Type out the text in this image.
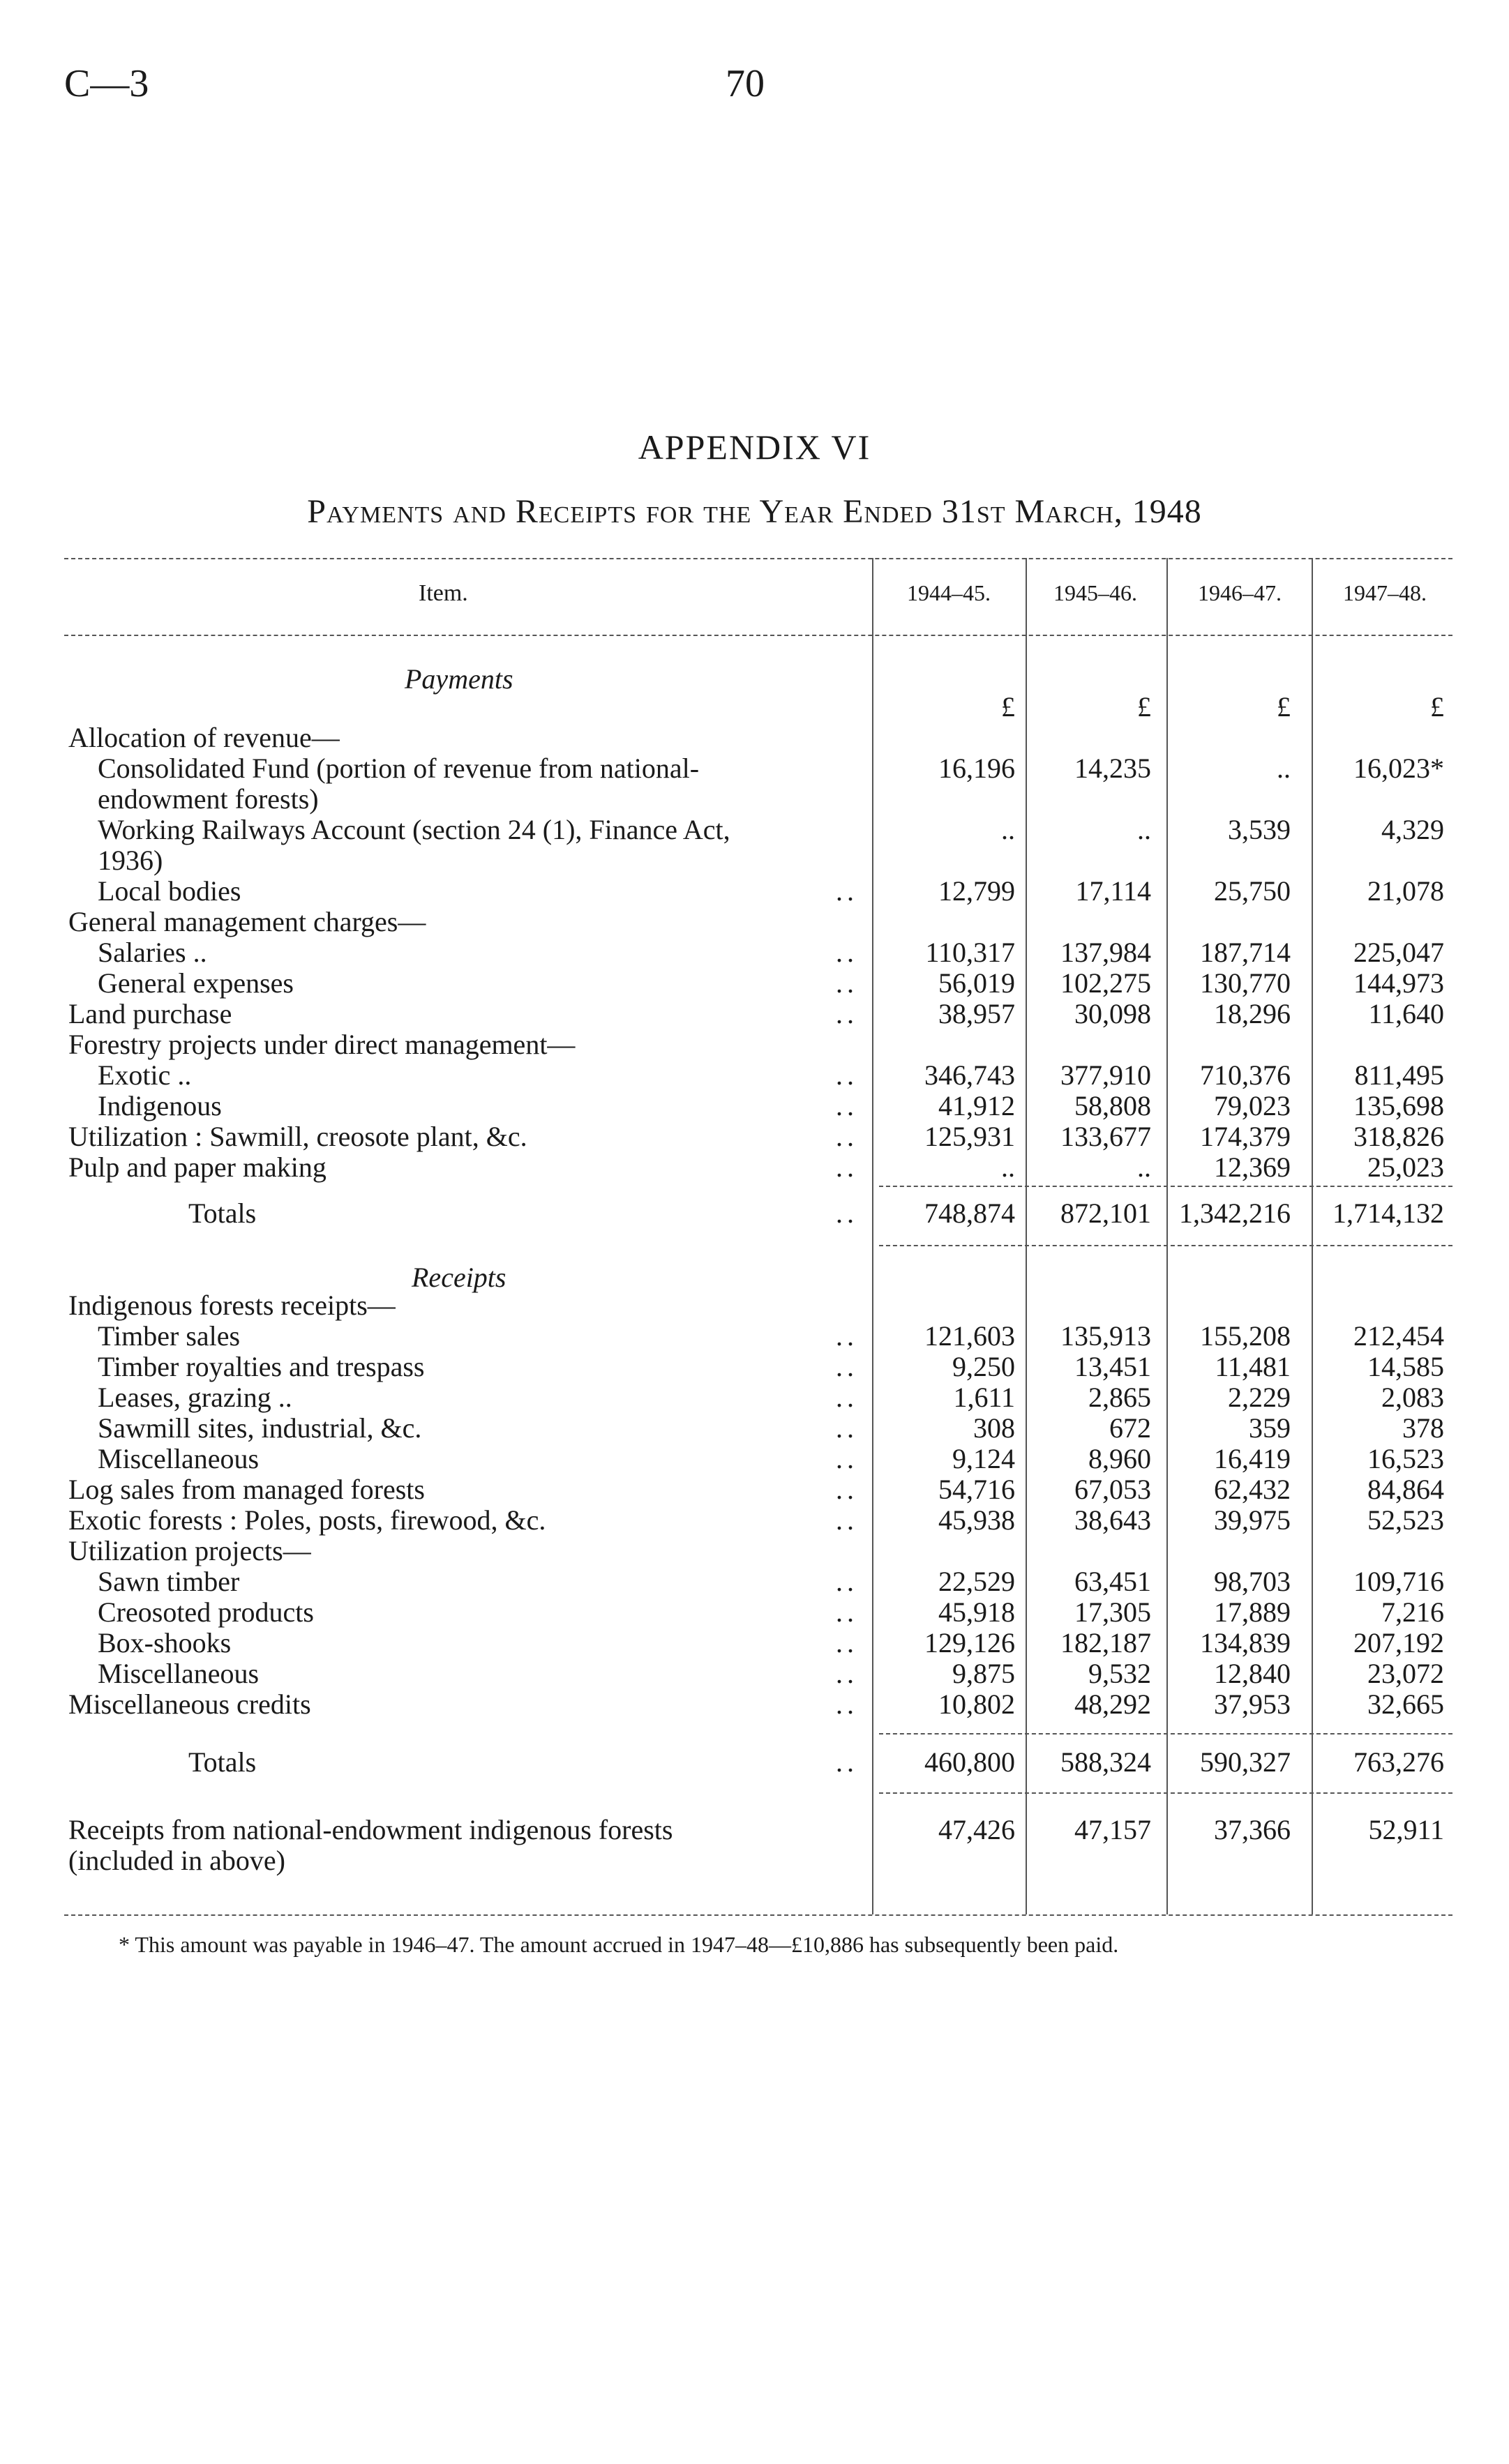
C—3	70
APPENDIX VI
Payments and Receipts for the Year Ended 31st March, 1948
Item.	1944–45.	1945–46.	1946–47.	1947–48.
Payments
£	£	£	£
Allocation of revenue—
Consolidated Fund (portion of revenue from national-	16,196	14,235	..	16,023*
endowment forests)
Working Railways Account (section 24 (1), Finance Act,	..	..	3,539	4,329
1936)
Local bodies	..	12,799	17,114	25,750	21,078
General management charges—
Salaries ..	..	110,317	137,984	187,714	225,047
General expenses	..	56,019	102,275	130,770	144,973
Land purchase	..	38,957	30,098	18,296	11,640
Forestry projects under direct management—
Exotic ..	..	346,743	377,910	710,376	811,495
Indigenous	..	41,912	58,808	79,023	135,698
Utilization : Sawmill, creosote plant, &c.	..	125,931	133,677	174,379	318,826
Pulp and paper making	..	..	..	12,369	25,023
Totals	..	748,874	872,101	1,342,216	1,714,132
Receipts
Indigenous forests receipts—
Timber sales	..	121,603	135,913	155,208	212,454
Timber royalties and trespass	..	9,250	13,451	11,481	14,585
Leases, grazing ..	..	1,611	2,865	2,229	2,083
Sawmill sites, industrial, &c.	..	308	672	359	378
Miscellaneous	..	9,124	8,960	16,419	16,523
Log sales from managed forests	..	54,716	67,053	62,432	84,864
Exotic forests : Poles, posts, firewood, &c.	..	45,938	38,643	39,975	52,523
Utilization projects—
Sawn timber	..	22,529	63,451	98,703	109,716
Creosoted products	..	45,918	17,305	17,889	7,216
Box-shooks	..	129,126	182,187	134,839	207,192
Miscellaneous	..	9,875	9,532	12,840	23,072
Miscellaneous credits	..	10,802	48,292	37,953	32,665
Totals	..	460,800	588,324	590,327	763,276
Receipts from national-endowment indigenous forests	47,426	47,157	37,366	52,911
(included in above)
* This amount was payable in 1946–47. The amount accrued in 1947–48—£10,886 has subsequently been paid.
